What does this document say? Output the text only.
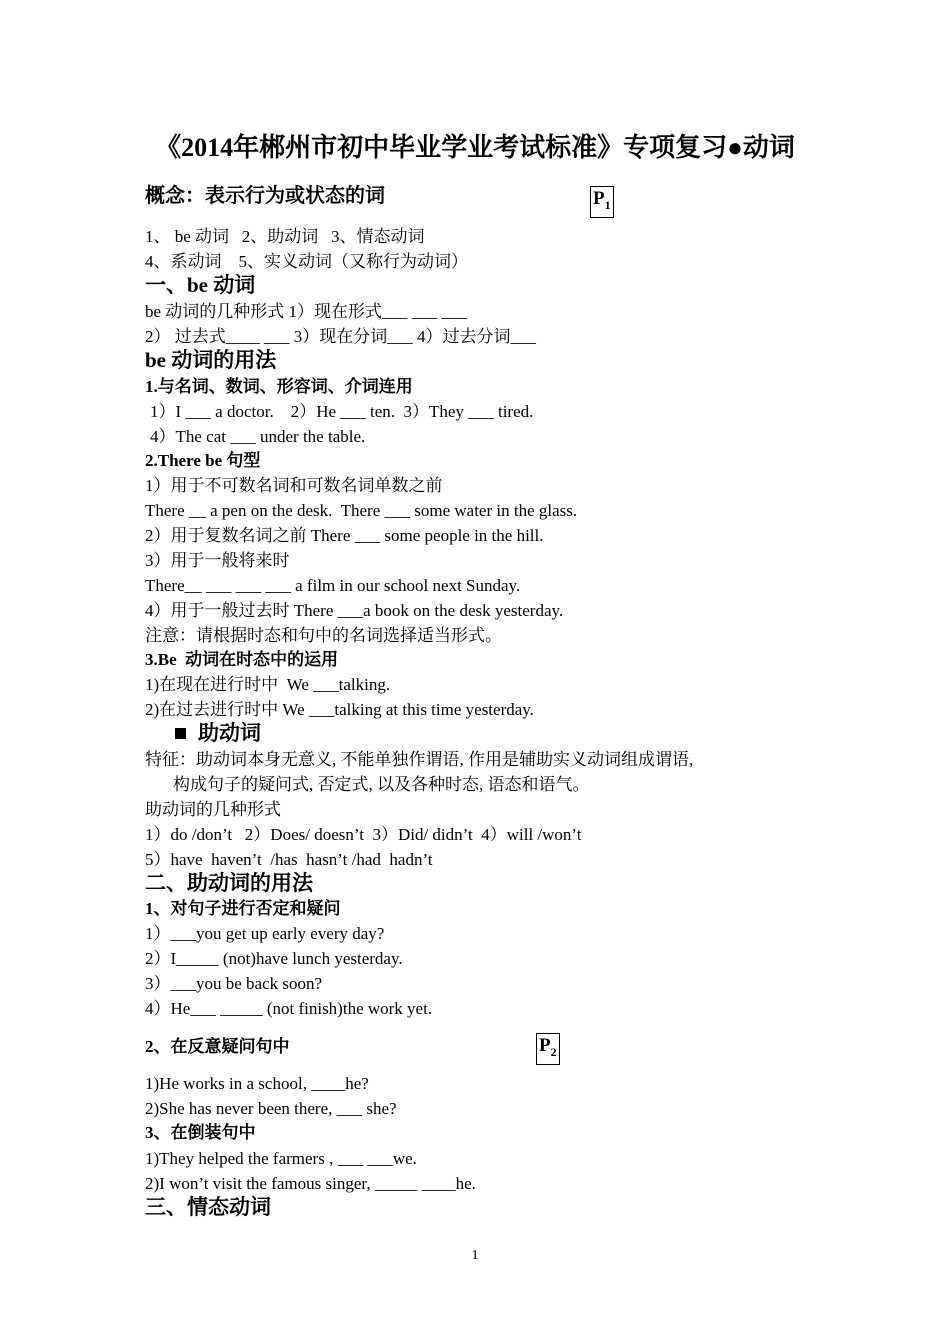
《2014年郴州市初中毕业学业考试标准》专项复习●动词
概念：表示行为或状态的词	$P_1$
1、 be 动词   2、助动词   3、情态动词
4、系动词    5、实义动词（又称行为动词）
一、be 动词
be 动词的几种形式 1）现在形式___ ___ ___
2） 过去式____ ___ 3）现在分词___ 4）过去分词___
be 动词的用法
1.与名词、数词、形容词、介词连用
1）I ___ a doctor.    2）He ___ ten.  3）They ___ tired.
4）The cat ___ under the table.
2.There be 句型
1）用于不可数名词和可数名词单数之前
There __ a pen on the desk.  There ___ some water in the glass.
2）用于复数名词之前 There ___ some people in the hill.
3）用于一般将来时
There__ ___ ___ ___ a film in our school next Sunday.
4）用于一般过去时 There ___a book on the desk yesterday.
注意：请根据时态和句中的名词选择适当形式。
3.Be  动词在时态中的运用
1)在现在进行时中  We ___talking.
2)在过去进行时中 We ___talking at this time yesterday.
助动词
特征：助动词本身无意义, 不能单独作谓语, 作用是辅助实义动词组成谓语,
构成句子的疑问式, 否定式, 以及各种时态, 语态和语气。
助动词的几种形式
1）do /don’t   2）Does/ doesn’t  3）Did/ didn’t  4）will /won’t
5）have  haven’t  /has  hasn’t /had  hadn’t
二、助动词的用法
1、对句子进行否定和疑问
1）___you get up early every day?
2）I_____ (not)have lunch yesterday.
3）___you be back soon?
4）He___ _____ (not finish)the work yet.
2、在反意疑问句中	$P_2$
1)He works in a school, ____he?
2)She has never been there, ___ she?
3、在倒装句中
1)They helped the farmers , ___ ___we.
2)I won’t visit the famous singer, _____ ____he.
三、情态动词
1
